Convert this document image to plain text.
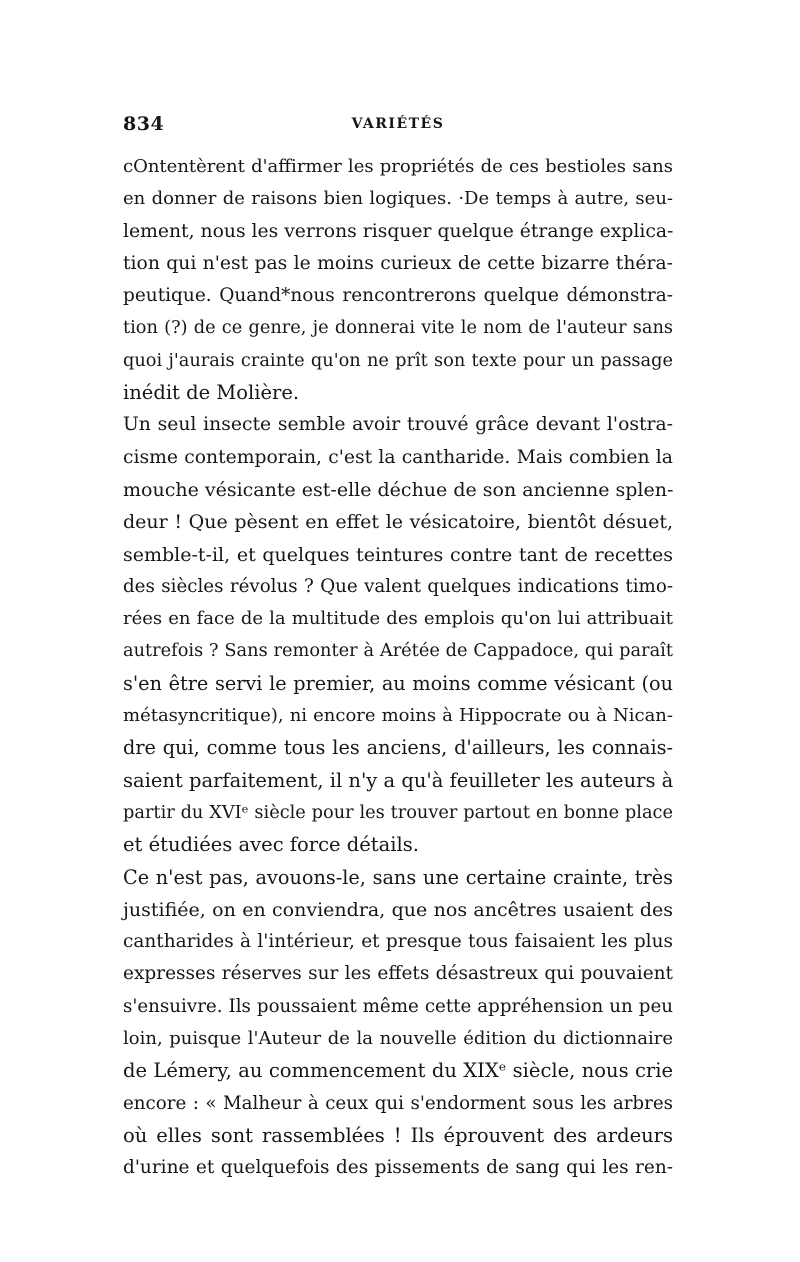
834	VARIÉTÉS
cOntentèrent d'affirmer les propriétés de ces bestioles sans
en donner de raisons bien logiques. ·De temps à autre, seu-
lement, nous les verrons risquer quelque étrange explica-
tion qui n'est pas le moins curieux de cette bizarre théra-
peutique. Quand*nous rencontrerons quelque démonstra-
tion (?) de ce genre, je donnerai vite le nom de l'auteur sans
quoi j'aurais crainte qu'on ne prît son texte pour un passage
inédit de Molière.
Un seul insecte semble avoir trouvé grâce devant l'ostra-
cisme contemporain, c'est la cantharide. Mais combien la
mouche vésicante est-elle déchue de son ancienne splen-
deur ! Que pèsent en effet le vésicatoire, bientôt désuet,
semble-t-il, et quelques teintures contre tant de recettes
des siècles révolus ? Que valent quelques indications timo-
rées en face de la multitude des emplois qu'on lui attribuait
autrefois ? Sans remonter à Arétée de Cappadoce, qui paraît
s'en être servi le premier, au moins comme vésicant (ou
métasyncritique), ni encore moins à Hippocrate ou à Nican-
dre qui, comme tous les anciens, d'ailleurs, les connais-
saient parfaitement, il n'y a qu'à feuilleter les auteurs à
partir du XVIᵉ siècle pour les trouver partout en bonne place
et étudiées avec force détails.
Ce n'est pas, avouons-le, sans une certaine crainte, très
justifiée, on en conviendra, que nos ancêtres usaient des
cantharides à l'intérieur, et presque tous faisaient les plus
expresses réserves sur les effets désastreux qui pouvaient
s'ensuivre. Ils poussaient même cette appréhension un peu
loin, puisque l'Auteur de la nouvelle édition du dictionnaire
de Lémery, au commencement du XIXᵉ siècle, nous crie
encore : « Malheur à ceux qui s'endorment sous les arbres
où elles sont rassemblées ! Ils éprouvent des ardeurs
d'urine et quelquefois des pissements de sang qui les ren-
